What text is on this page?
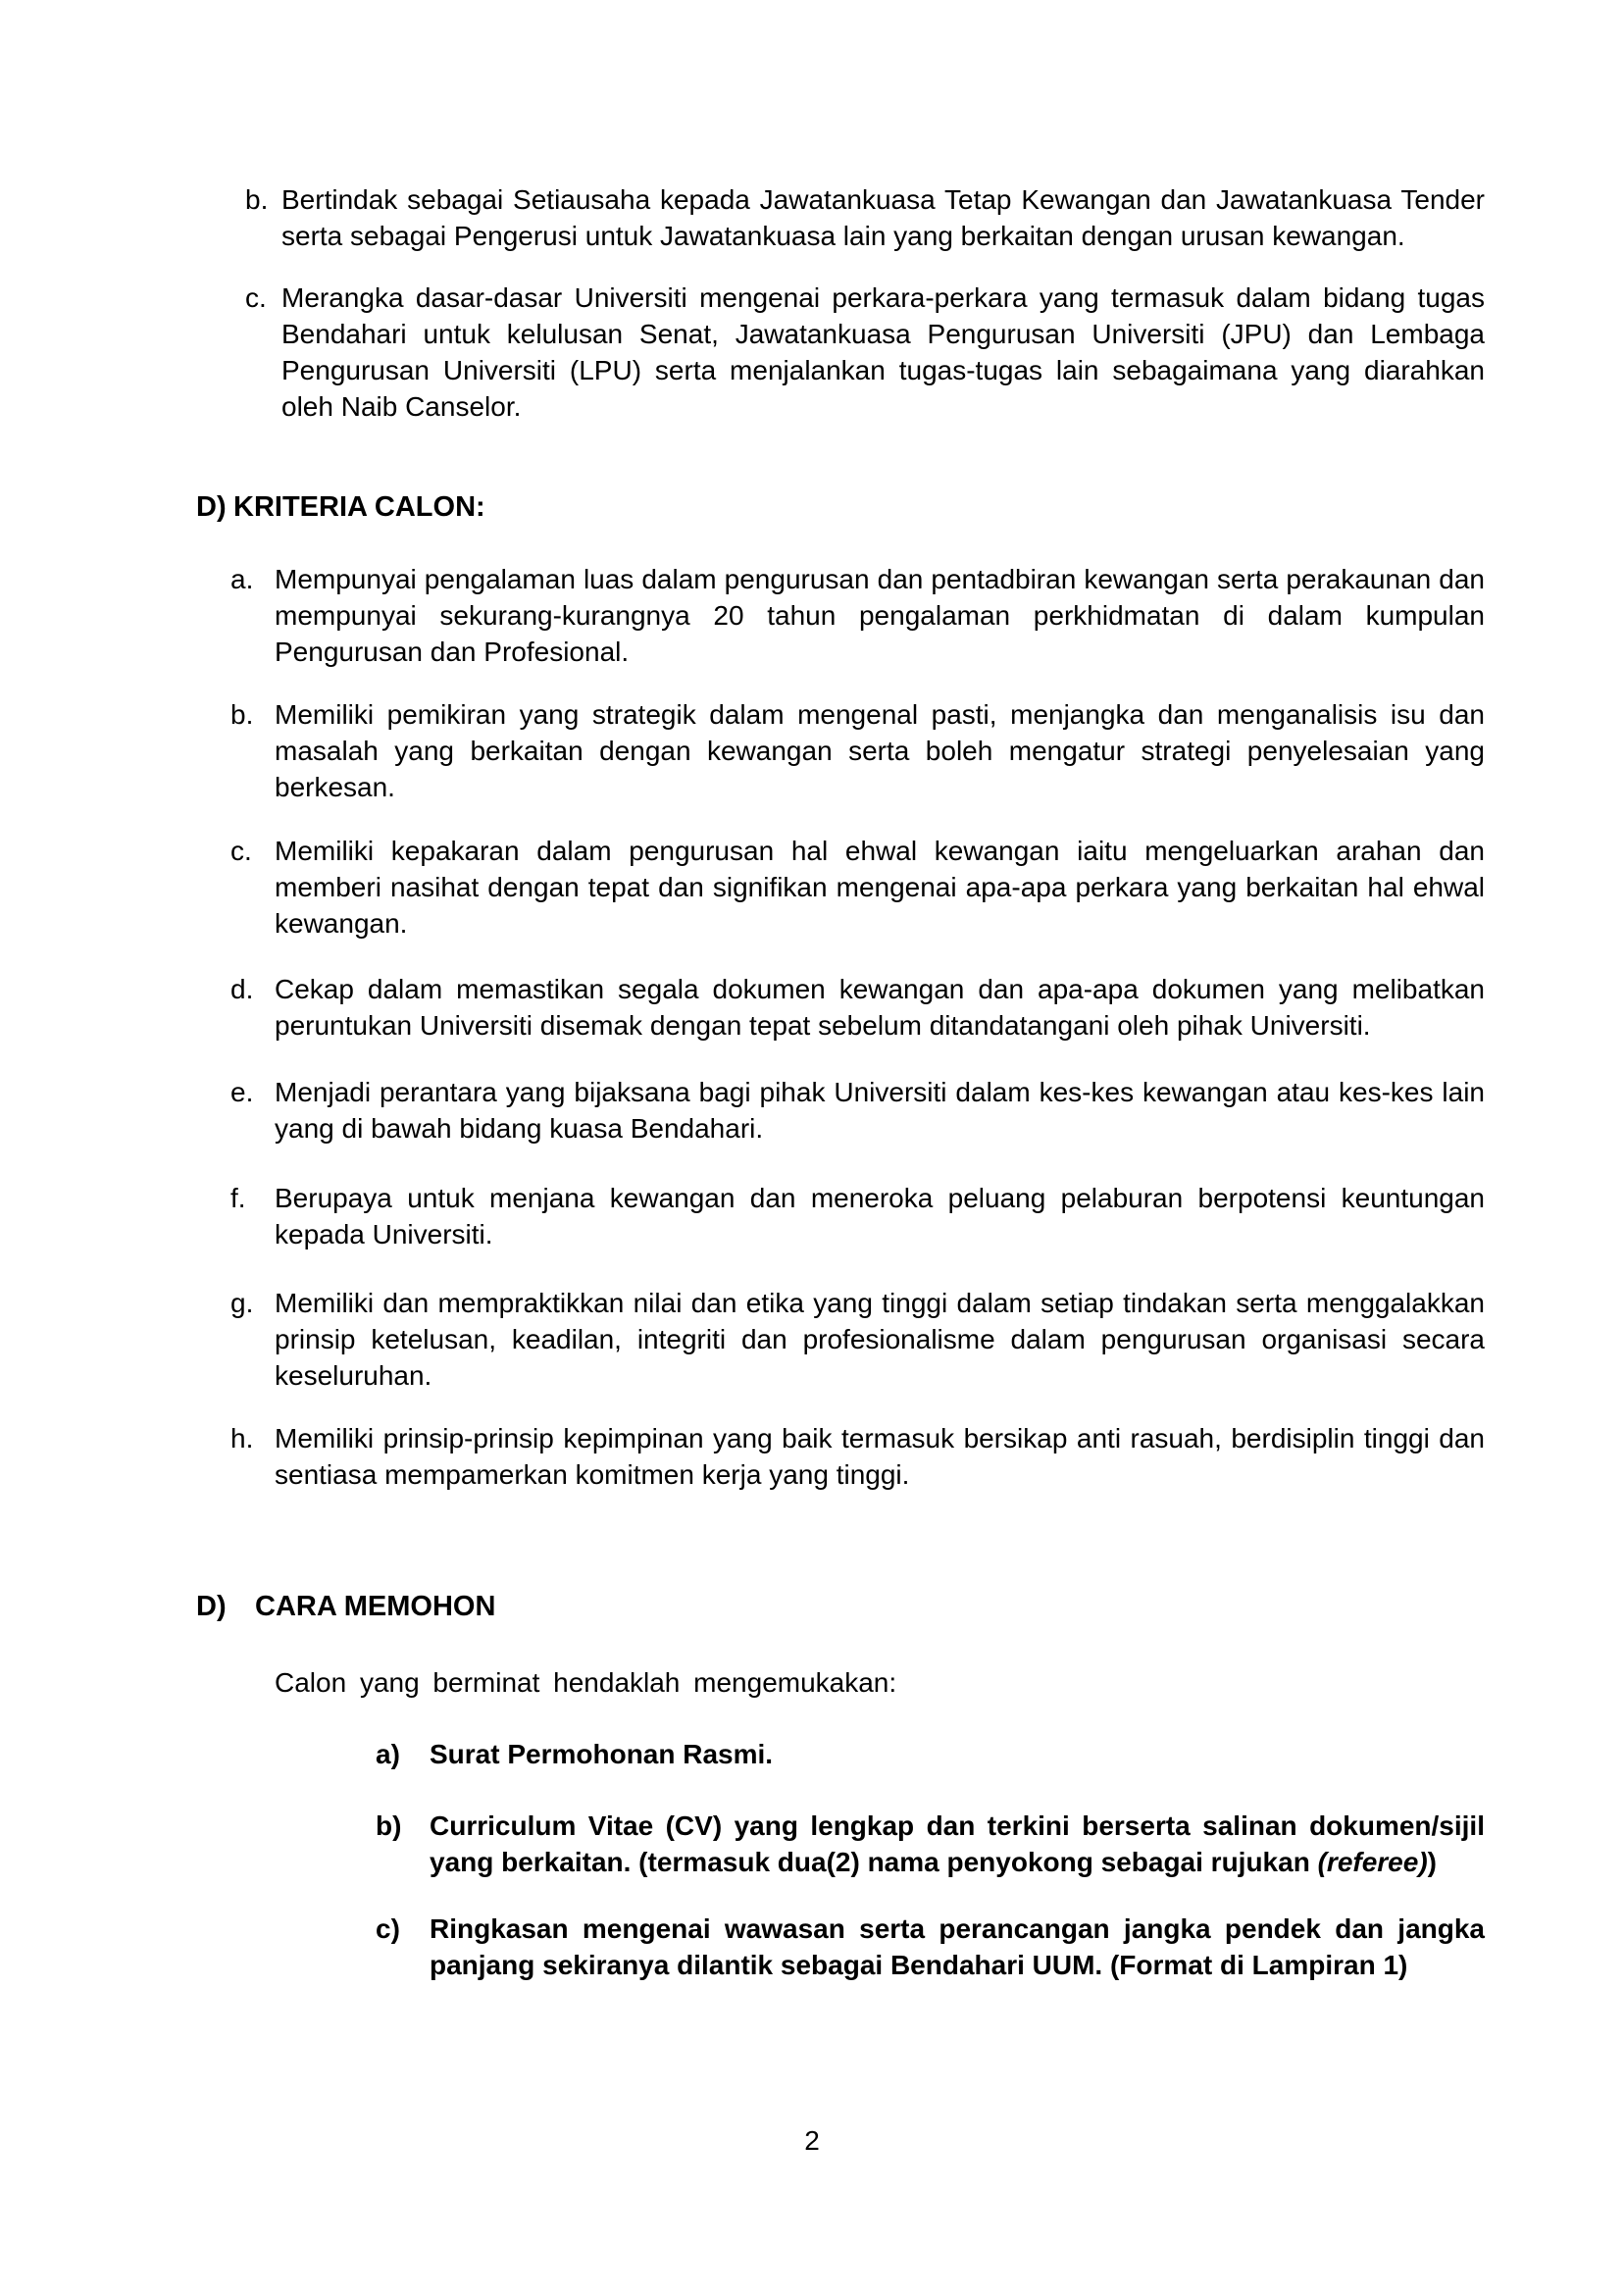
b. Bertindak sebagai Setiausaha kepada Jawatankuasa Tetap Kewangan dan Jawatankuasa Tender serta sebagai Pengerusi untuk Jawatankuasa lain yang berkaitan dengan urusan kewangan.

c. Merangka dasar-dasar Universiti mengenai perkara-perkara yang termasuk dalam bidang tugas Bendahari untuk kelulusan Senat, Jawatankuasa Pengurusan Universiti (JPU) dan Lembaga Pengurusan Universiti (LPU) serta menjalankan tugas-tugas lain sebagaimana yang diarahkan oleh Naib Canselor.

D) KRITERIA CALON:
a. Mempunyai pengalaman luas dalam pengurusan dan pentadbiran kewangan serta perakaunan dan mempunyai sekurang-kurangnya 20 tahun pengalaman perkhidmatan di dalam kumpulan Pengurusan dan Profesional.

b. Memiliki pemikiran yang strategik dalam mengenal pasti, menjangka dan menganalisis isu dan masalah yang berkaitan dengan kewangan serta boleh mengatur strategi penyelesaian yang berkesan.

c. Memiliki kepakaran dalam pengurusan hal ehwal kewangan iaitu mengeluarkan arahan dan memberi nasihat dengan tepat dan signifikan mengenai apa-apa perkara yang berkaitan hal ehwal kewangan.

d. Cekap dalam memastikan segala dokumen kewangan dan apa-apa dokumen yang melibatkan peruntukan Universiti disemak dengan tepat sebelum ditandatangani oleh pihak Universiti.

e. Menjadi perantara yang bijaksana bagi pihak Universiti dalam kes-kes kewangan atau kes-kes lain yang di bawah bidang kuasa Bendahari.

f.	Berupaya untuk menjana kewangan dan meneroka peluang pelaburan berpotensi keuntungan kepada Universiti.

g. Memiliki dan mempraktikkan nilai dan etika yang tinggi dalam setiap tindakan serta menggalakkan prinsip ketelusan, keadilan, integriti dan profesionalisme dalam pengurusan organisasi secara keseluruhan.

h. Memiliki prinsip-prinsip kepimpinan yang baik termasuk bersikap anti rasuah, berdisiplin tinggi dan sentiasa mempamerkan komitmen kerja yang tinggi.

D)	CARA MEMOHON

Calon yang berminat hendaklah mengemukakan:

a)	Surat Permohonan Rasmi.

b)	Curriculum Vitae (CV) yang lengkap dan terkini berserta salinan dokumen/sijil yang berkaitan. (termasuk dua(2) nama penyokong sebagai rujukan (referee))

c)	Ringkasan mengenai wawasan serta perancangan jangka pendek dan jangka panjang sekiranya dilantik sebagai Bendahari UUM. (Format di Lampiran 1)

2
